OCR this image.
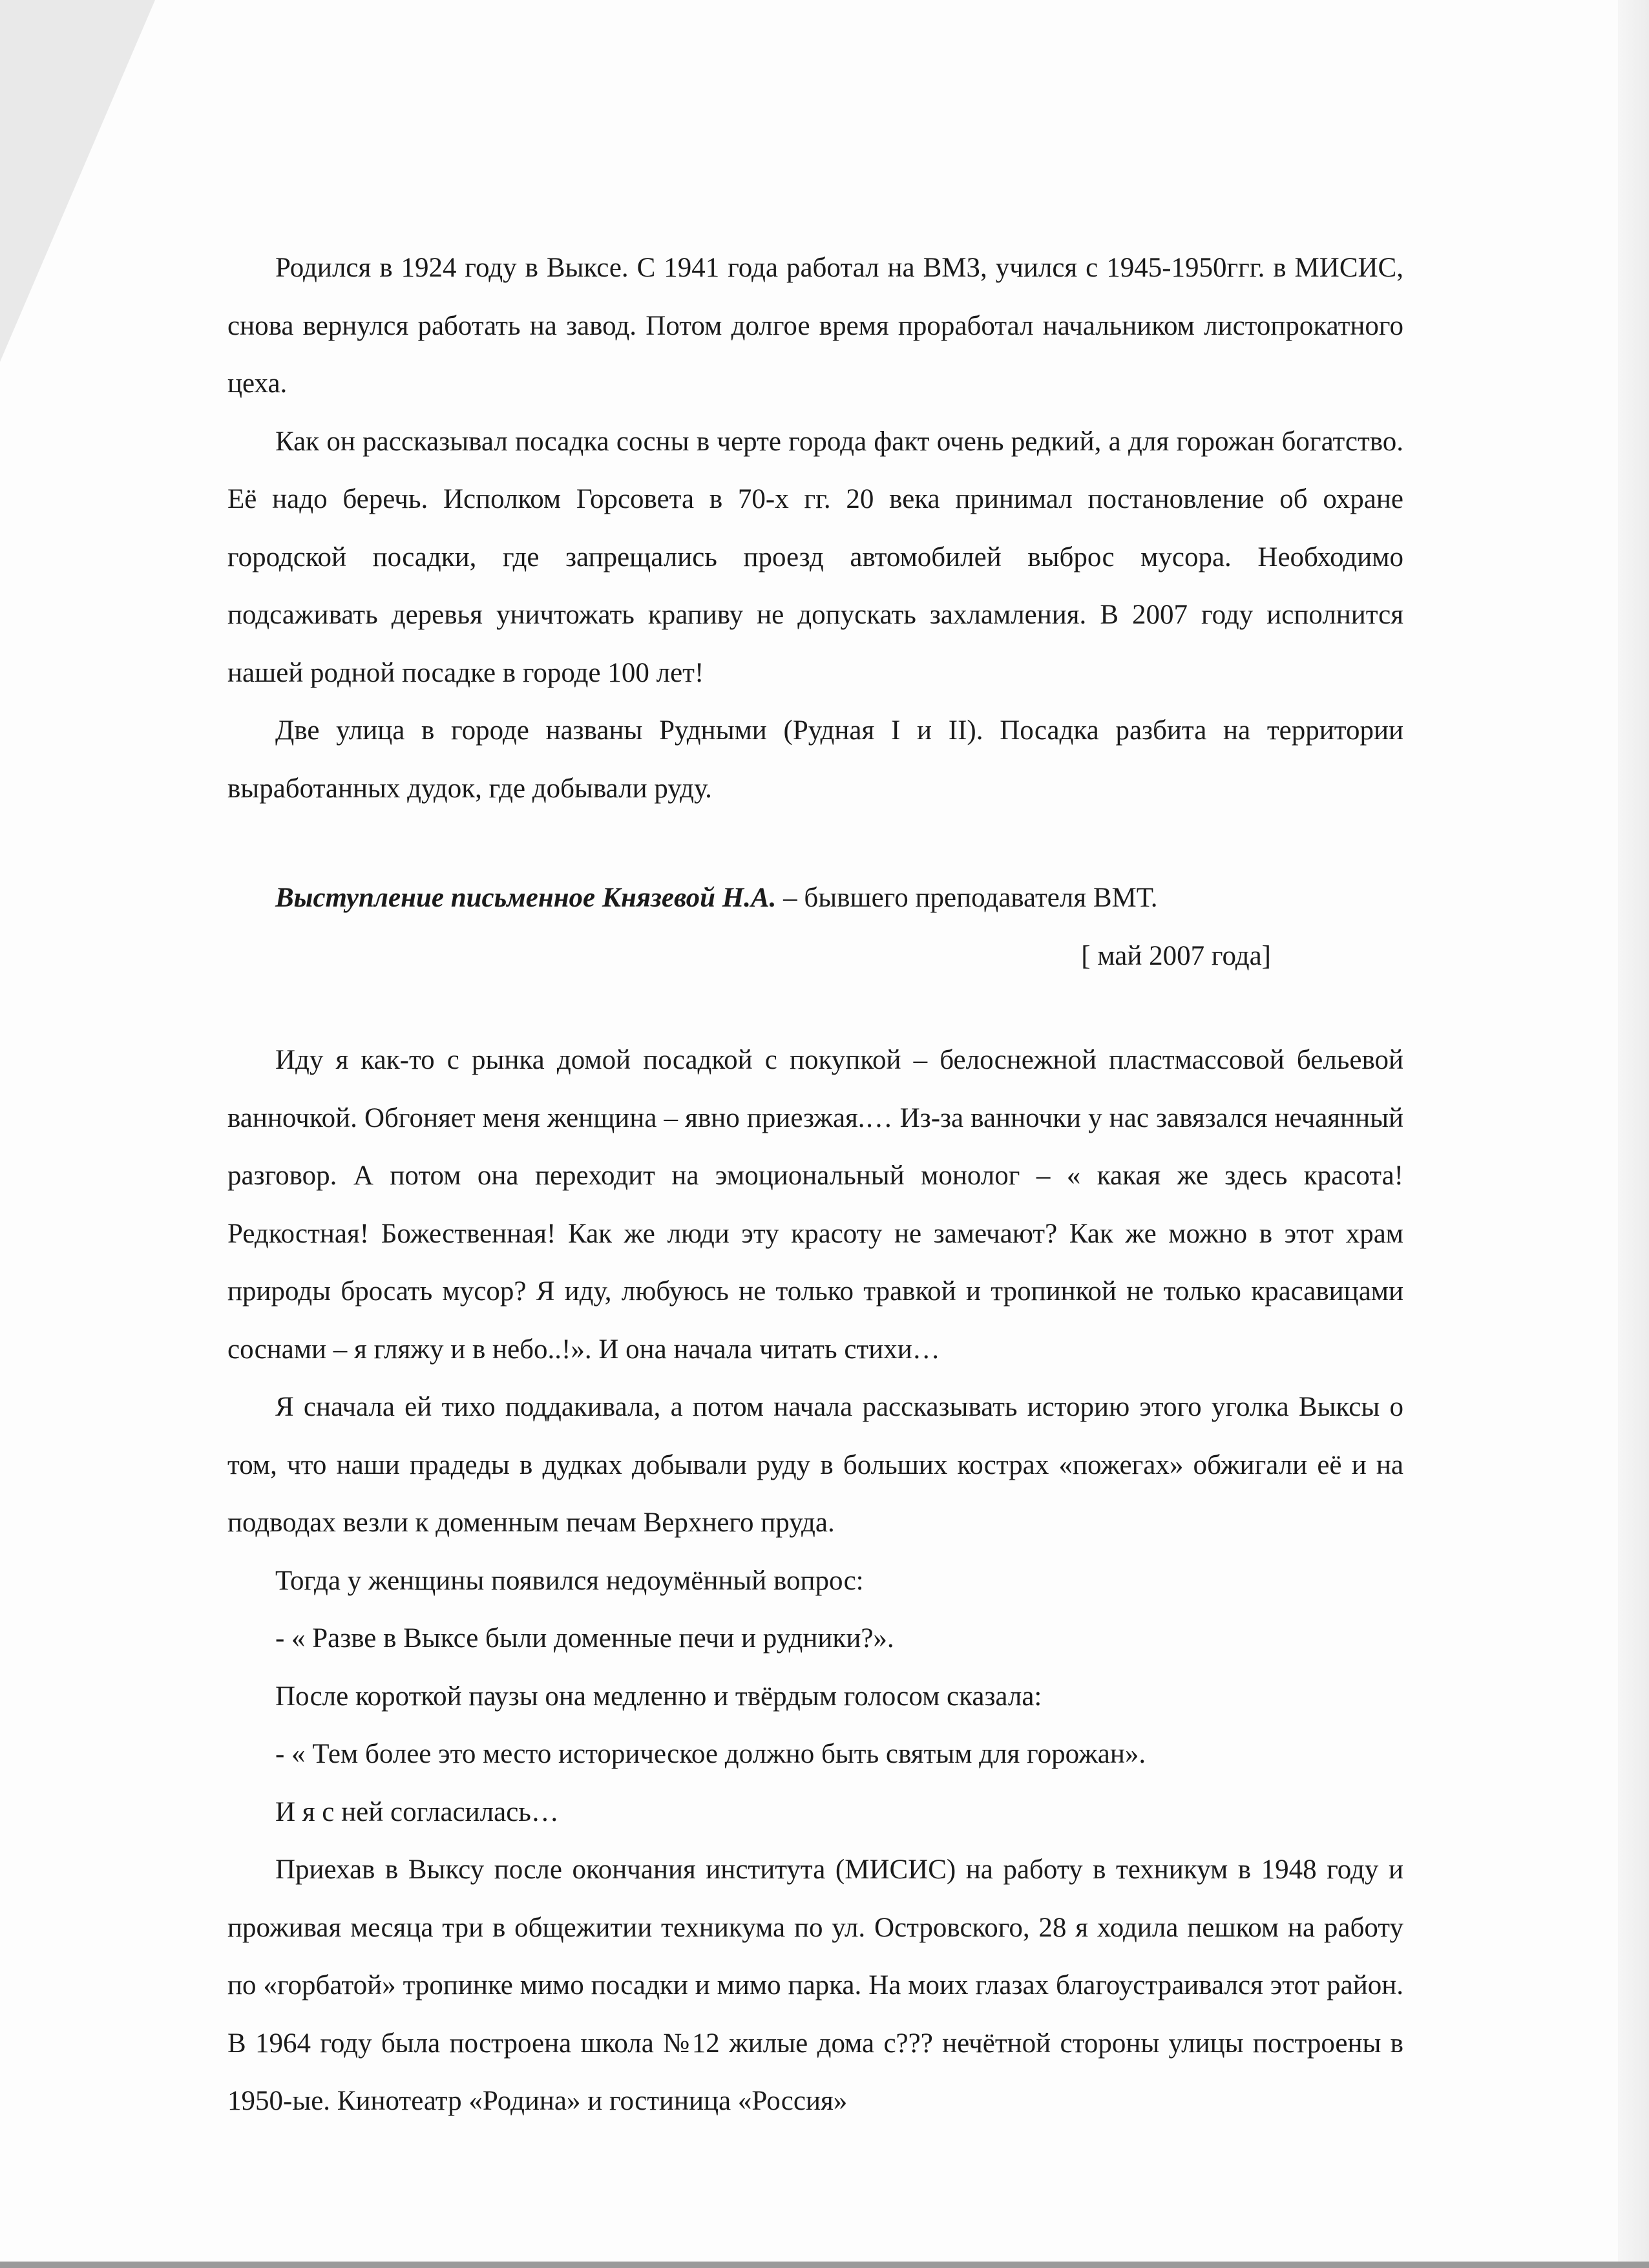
Родился в 1924 году в Выксе. С 1941 года работал на ВМЗ, учился с 1945-1950ггг. в МИСИС, снова вернулся работать на завод. Потом долгое время проработал начальником листопрокатного цеха.

Как он рассказывал посадка сосны в черте города факт очень редкий, а для горожан богатство. Её надо беречь. Исполком Горсовета в 70-х гг. 20 века принимал постановление об охране городской посадки, где запрещались проезд автомобилей выброс мусора. Необходимо подсаживать деревья уничтожать крапиву не допускать захламления. В 2007 году исполнится нашей родной посадке в городе 100 лет!

Две улица в городе названы Рудными (Рудная I и II). Посадка разбита на территории выработанных дудок, где добывали руду.

Выступление письменное Князевой Н.А. – бывшего преподавателя ВМТ.

[ май 2007 года]

Иду я как-то с рынка домой посадкой с покупкой – белоснежной пластмассовой бельевой ванночкой. Обгоняет меня женщина – явно приезжая.… Из-за ванночки у нас завязался нечаянный разговор. А потом она переходит на эмоциональный монолог – « какая же здесь красота! Редкостная! Божественная! Как же люди эту красоту не замечают? Как же можно в этот храм природы бросать мусор? Я иду, любуюсь не только травкой и тропинкой не только красавицами соснами – я гляжу и в небо..!». И она начала читать стихи…

Я сначала ей тихо поддакивала, а потом начала рассказывать историю этого уголка Выксы о том, что наши прадеды в дудках добывали руду в больших кострах «пожегах» обжигали её и на подводах везли к доменным печам Верхнего пруда.

Тогда у женщины появился недоумённый вопрос:

- « Разве в Выксе были доменные печи и рудники?».

После короткой паузы она медленно и твёрдым голосом сказала:

- « Тем более это место историческое должно быть святым для горожан».

И я с ней согласилась…

Приехав в Выксу после окончания института (МИСИС) на работу в техникум в 1948 году и проживая месяца три в общежитии техникума по ул. Островского, 28 я ходила пешком на работу по «горбатой» тропинке мимо посадки и мимо парка. На моих глазах благоустраивался этот район. В 1964 году была построена школа №12 жилые дома с??? нечётной стороны улицы построены в 1950-ые. Кинотеатр «Родина» и гостиница «Россия»
